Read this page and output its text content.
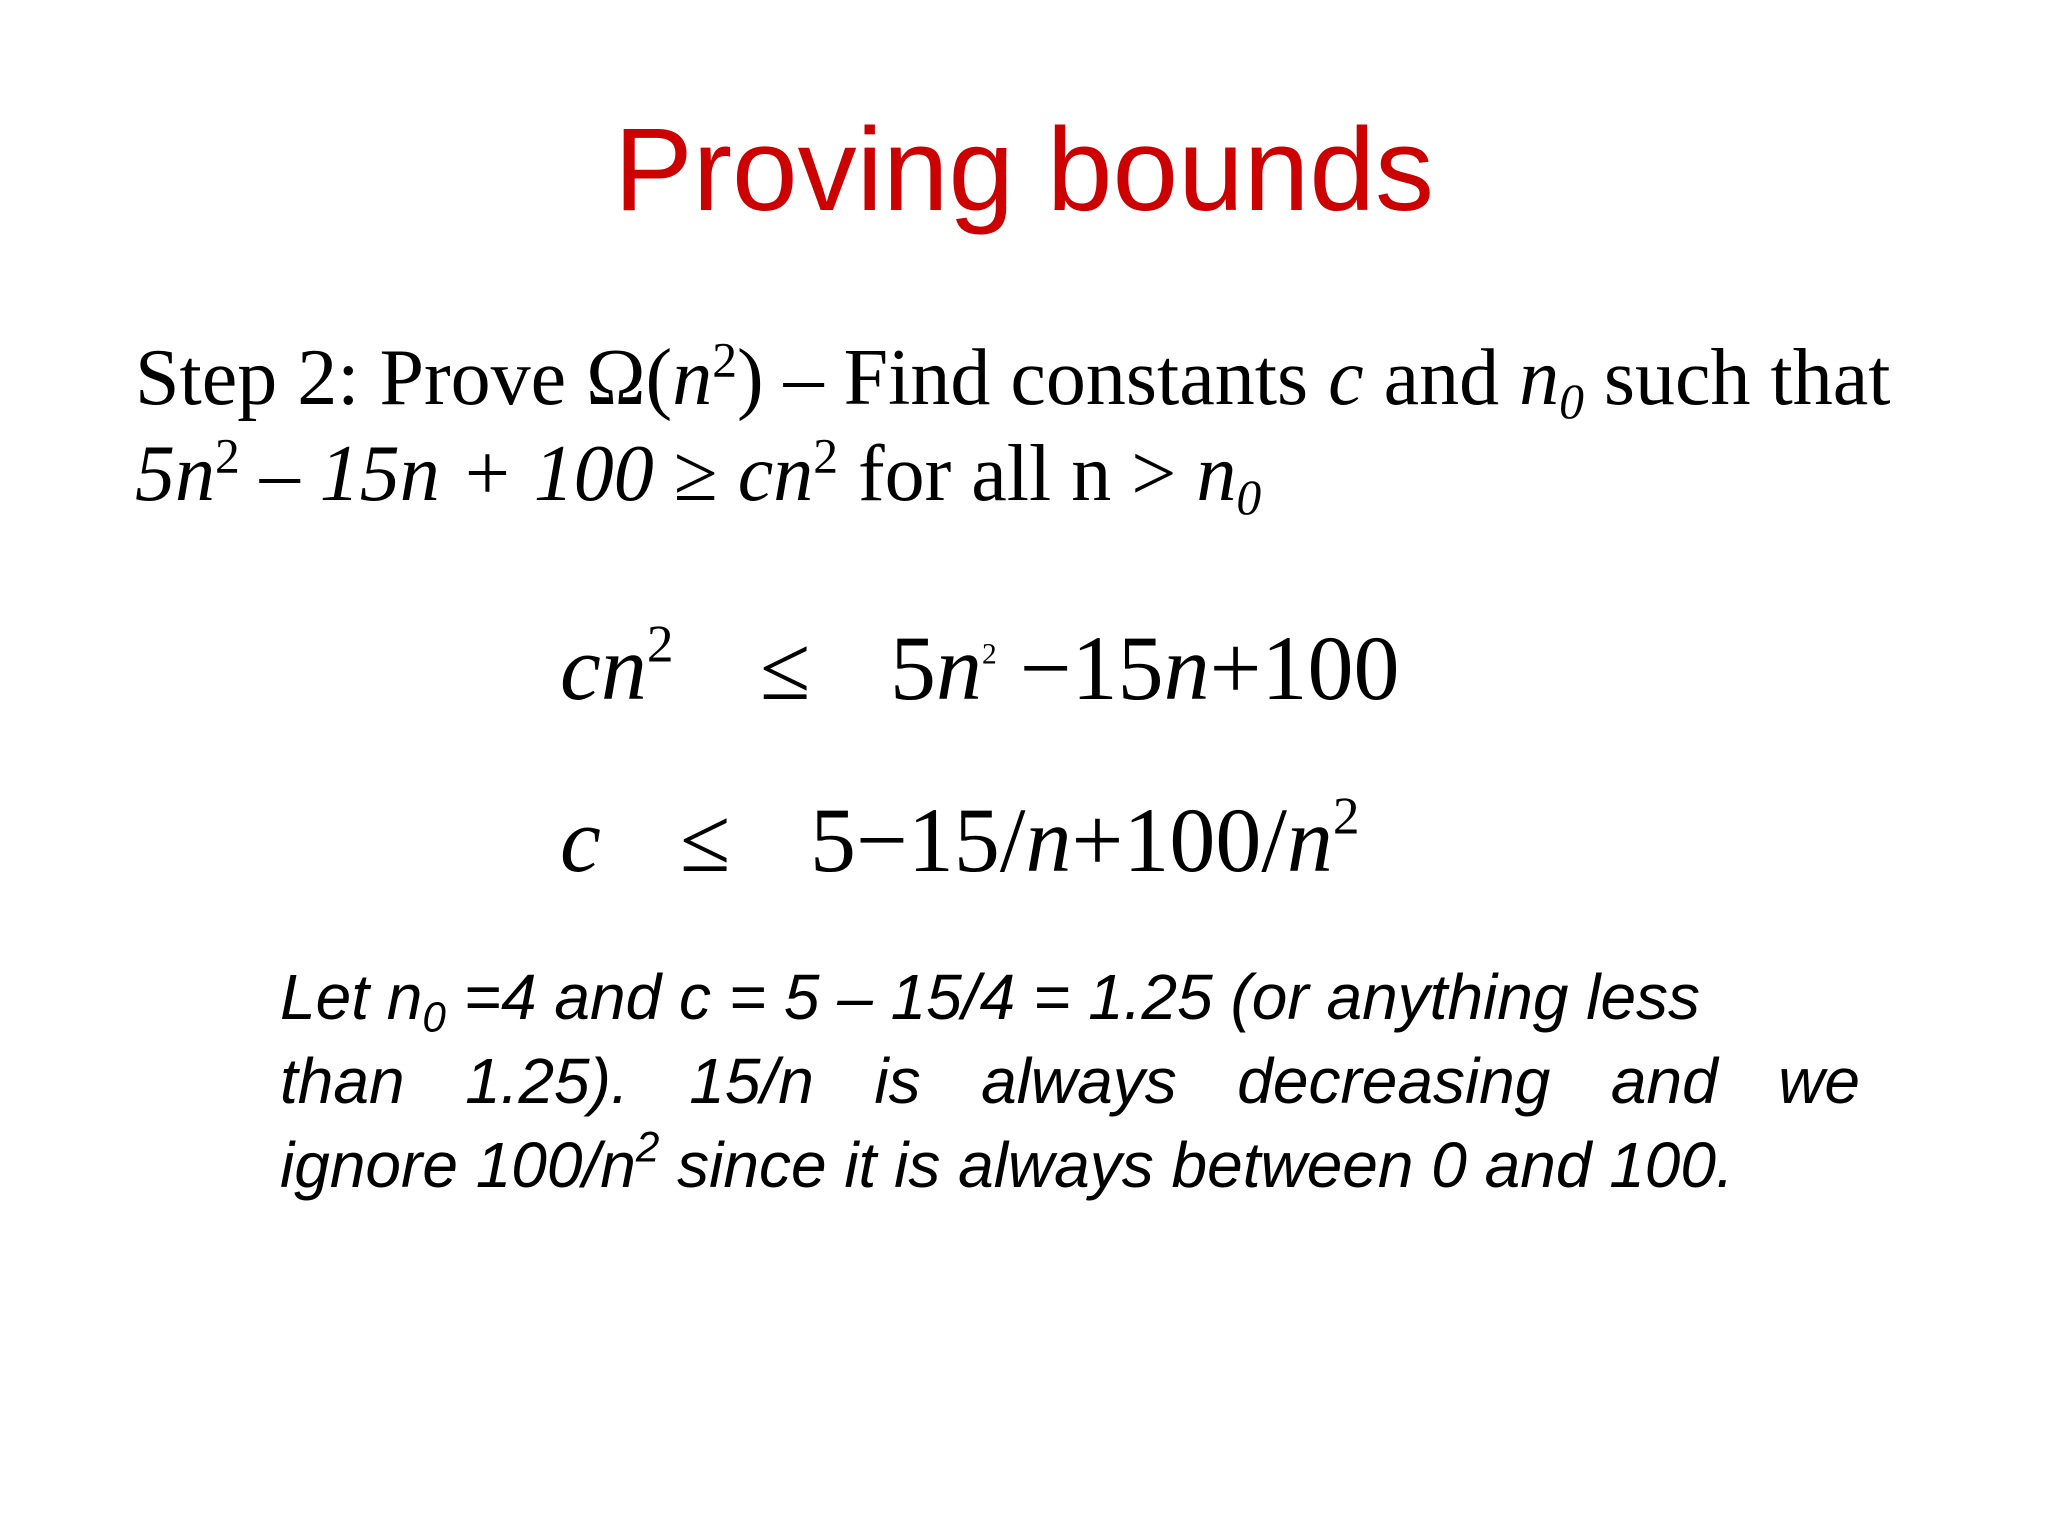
Proving bounds
Step 2: Prove $\Omega(n^2)$ – Find constants c and $n_0$ such that
$5n^2 - 15n + 100 \ge cn^2$ for all $n > n_0$
$cn^2 \le 5n^2 -15n+100$
$c \le 5-15/n+100/n^2$
Let $n_0 =4$ and c = 5 – 15/4 = 1.25 (or anything less
than 1.25). 15/n is always decreasing and we
ignore $100/n^2$ since it is always between 0 and 100.
